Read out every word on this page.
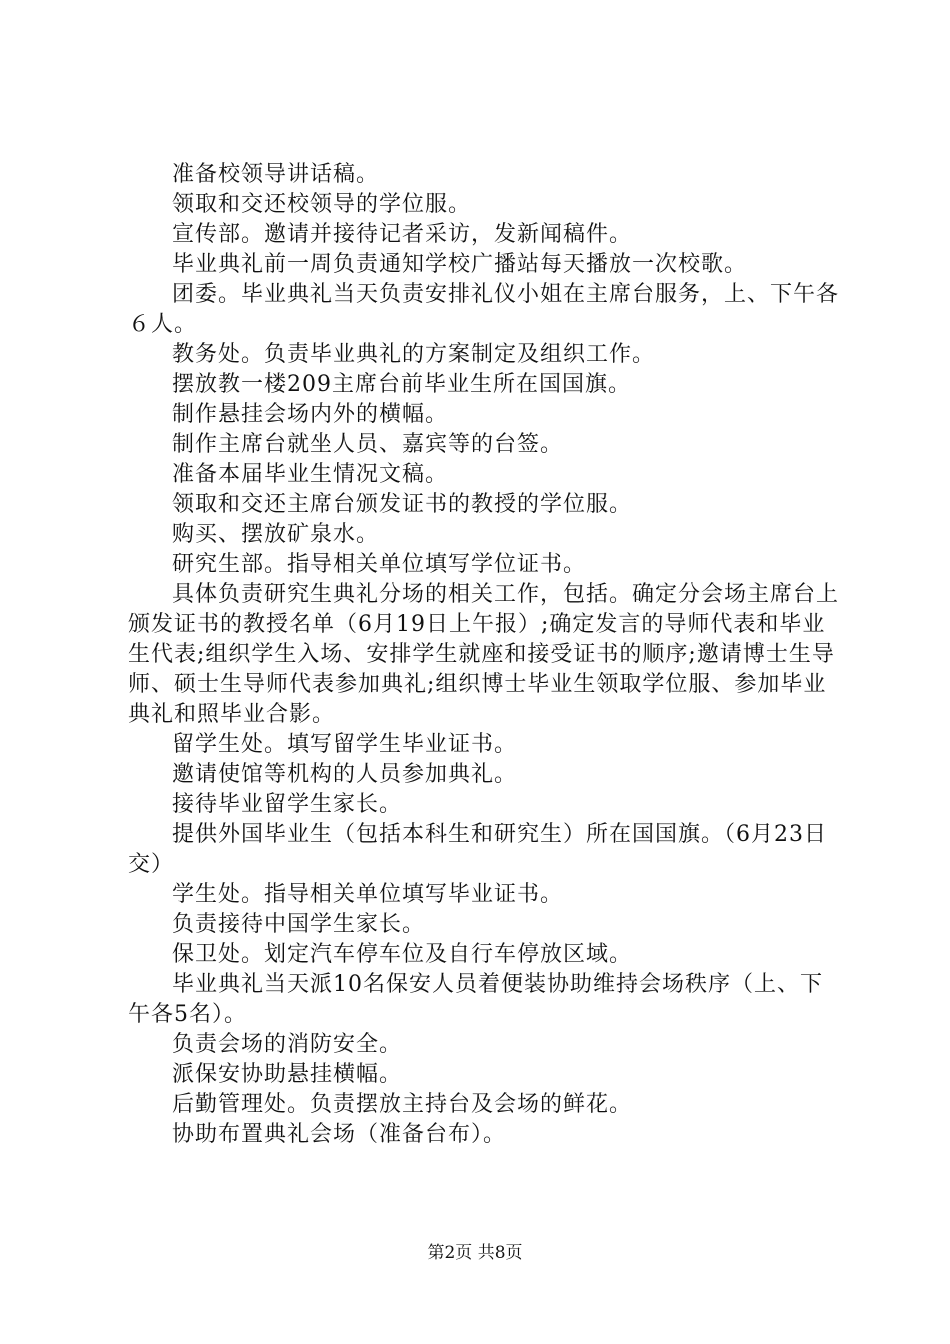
准备校领导讲话稿。

领取和交还校领导的学位服。

宣传部。邀请并接待记者采访，发新闻稿件。

毕业典礼前一周负责通知学校广播站每天播放一次校歌。

团委。毕业典礼当天负责安排礼仪小姐在主席台服务，上、下午各６人。

教务处。负责毕业典礼的方案制定及组织工作。

摆放教一楼209主席台前毕业生所在国国旗。

制作悬挂会场内外的横幅。

制作主席台就坐人员、嘉宾等的台签。

准备本届毕业生情况文稿。

领取和交还主席台颁发证书的教授的学位服。

购买、摆放矿泉水。

研究生部。指导相关单位填写学位证书。

具体负责研究生典礼分场的相关工作，包括。确定分会场主席台上颁发证书的教授名单（6月19日上午报）;确定发言的导师代表和毕业生代表;组织学生入场、安排学生就座和接受证书的顺序;邀请博士生导师、硕士生导师代表参加典礼;组织博士毕业生领取学位服、参加毕业典礼和照毕业合影。

留学生处。填写留学生毕业证书。

邀请使馆等机构的人员参加典礼。

接待毕业留学生家长。

提供外国毕业生（包括本科生和研究生）所在国国旗。（6月23日交）

学生处。指导相关单位填写毕业证书。

负责接待中国学生家长。

保卫处。划定汽车停车位及自行车停放区域。

毕业典礼当天派10名保安人员着便装协助维持会场秩序（上、下午各5名）。

负责会场的消防安全。

派保安协助悬挂横幅。

后勤管理处。负责摆放主持台及会场的鲜花。

协助布置典礼会场（准备台布）。

第2页 共8页
